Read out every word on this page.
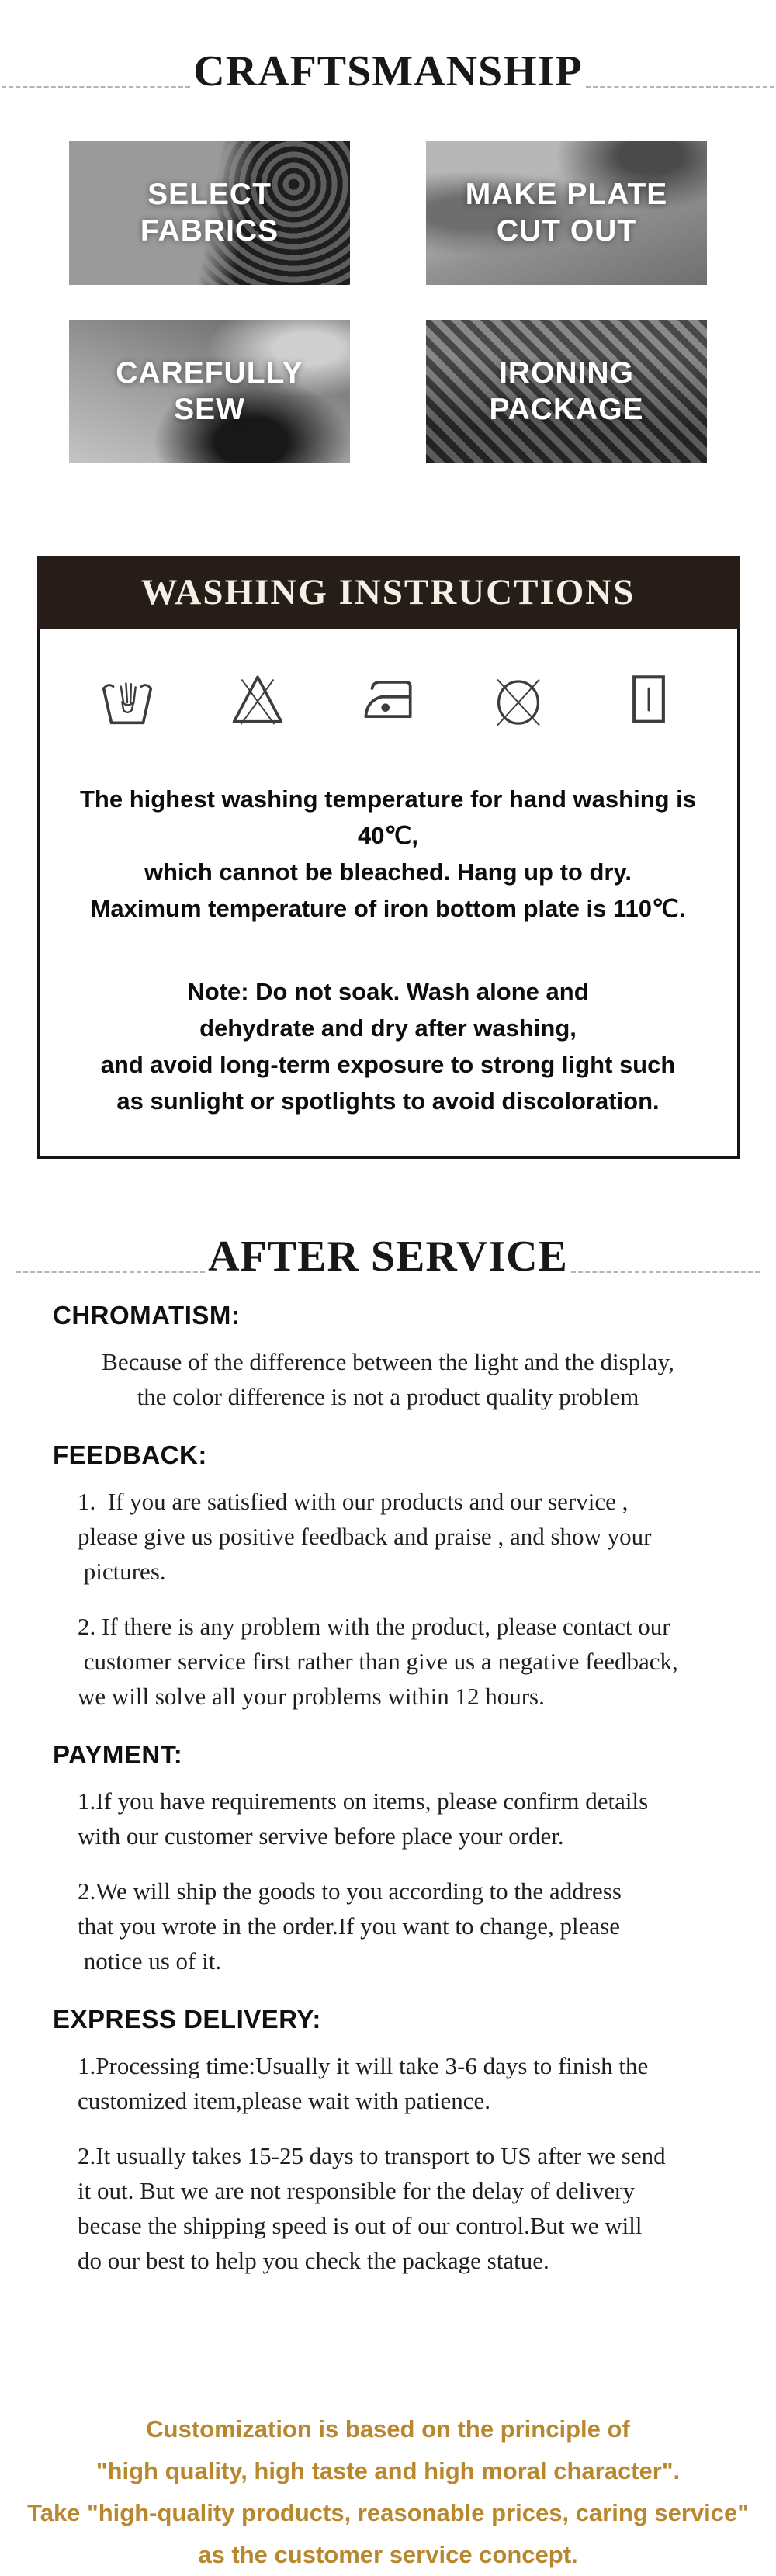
CRAFTSMANSHIP
SELECT
FABRICS
MAKE PLATE
CUT OUT
CAREFULLY
SEW
IRONING
PACKAGE
WASHING INSTRUCTIONS
The highest washing temperature for hand washing is 40℃,
which cannot be bleached. Hang up to dry.
Maximum temperature of iron bottom plate is 110℃.
Note: Do not soak. Wash alone and
dehydrate and dry after washing,
and avoid long-term exposure to strong light such
as sunlight or spotlights to avoid discoloration.
AFTER SERVICE
CHROMATISM:
Because of the difference between the light and the display,
the color difference is not a product quality problem
FEEDBACK:
1.  If you are satisfied with our products and our service ,
please give us positive feedback and praise , and show your
pictures.
2. If there is any problem with the product, please contact our
customer service first rather than give us a negative feedback,
we will solve all your problems within 12 hours.
PAYMENT:
1.If you have requirements on items, please confirm details
with our customer servive before place your order.
2.We will ship the goods to you according to the address
that you wrote in the order.If you want to change, please
notice us of it.
EXPRESS DELIVERY:
1.Processing time:Usually it will take 3-6 days to finish the
customized item,please wait with patience.
2.It usually takes 15-25 days to transport to US after we send
it out. But we are not responsible for the delay of delivery
becase the shipping speed is out of our control.But we will
do our best to help you check the package statue.
Customization is based on the principle of
"high quality, high taste and high moral character".
Take "high-quality products, reasonable prices, caring service"
as the customer service concept.
